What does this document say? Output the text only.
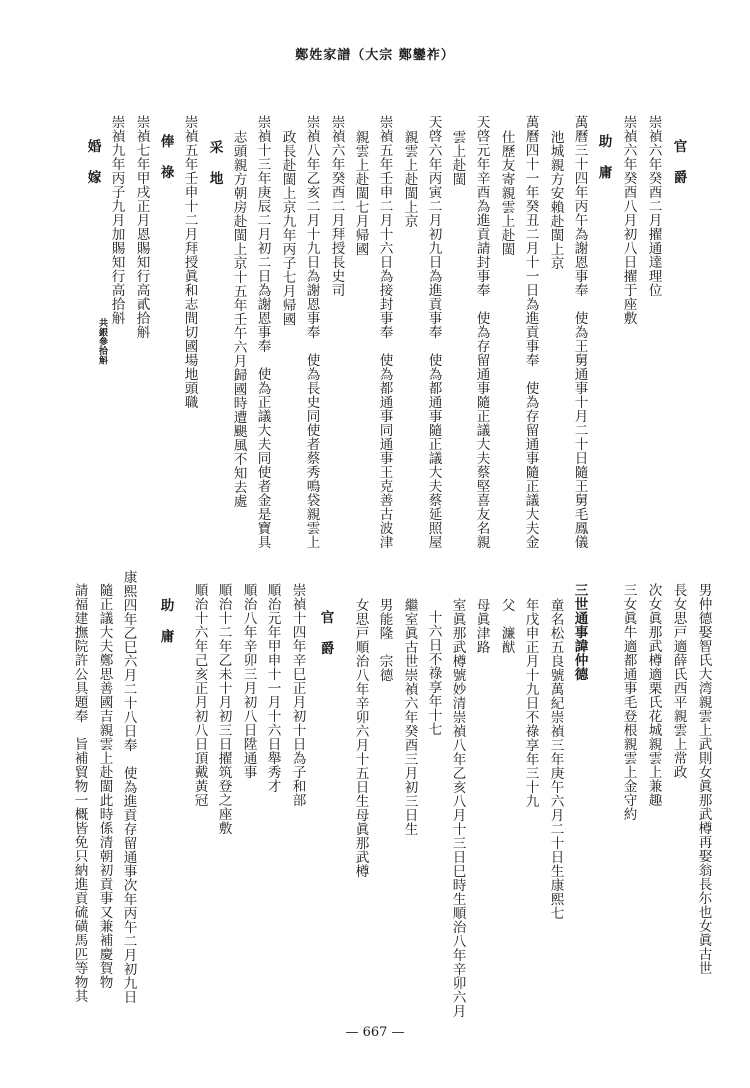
鄭姓家譜（大宗 鄭鑾祚）
官　爵
崇禎六年癸酉二月擢通達理位
崇禎六年癸酉八月初八日擢于座敷
助　庸
萬曆三十四年丙午為謝恩事奉　使為王舅通事十月二十日隨王舅毛鳳儀
池城親方安賴赴閩上京
萬曆四十一年癸丑二月十一日為進貢事奉　使為存留通事隨正議大夫金
仕歷友寄親雲上赴閩
天啓元年辛酉為進貢請封事奉　使為存留通事隨正議大夫蔡堅喜友名親
雲上赴閩
天啓六年丙寅二月初九日為進貢事奉　使為都通事隨正議大夫蔡延照屋
親雲上赴閩上京
崇禎五年壬申二月十六日為接封事奉　使為都通事同通事王克善古波津
親雲上赴閩七月帰國
崇禎六年癸酉二月拜授長史司
崇禎八年乙亥二月十九日為謝恩事奉　使為長史同使者蔡秀鳴袋親雲上
政長赴閩上京九年丙子七月帰國
崇禎十三年庚辰二月初二日為謝恩事奉　使為正議大夫同使者金是寶具
志頭親方朝房赴閩上京十五年壬午六月歸國時遭颶風不知去處
采　地
崇禎五年壬申十二月拜授眞和志間切國場地頭職
俸　祿
崇禎七年甲戌正月恩賜知行高貳拾斛
崇禎九年丙子九月加賜知行高拾斛
共銀參拾斛
婚　嫁
男仲德娶智氏大湾親雲上武則女眞那武樽再娶翁長尓也女眞古世
長女思戸適薛氏西平親雲上常政
次女眞那武樽適栗氏花城親雲上兼趣
三女眞牛適都通事毛登根親雲上金守約
三世通事諱仲德
童名松五良號萬紀崇禎三年庚午六月二十日生康熙七
年戊申正月十九日不祿享年三十九
父　濂猷
母眞津路
室眞那武樽號妙清崇禎八年乙亥八月十三日巳時生順治八年辛卯六月
十六日不祿享年十七
繼室眞古世崇禎六年癸酉三月初三日生
男能隆　宗德
女思戸順治八年辛卯六月十五日生母眞那武樽
官　爵
崇禎十四年辛巳正月初十日為子和部
順治元年甲申十一月十六日舉秀才
順治八年辛卯三月初八日陞通事
順治十二年乙未十月初三日擢筑登之座敷
順治十六年己亥正月初八日頂戴黃冠
助　庸
康熙四年乙巳六月二十八日奉　使為進貢存留通事次年丙午二月初九日
隨正議大夫鄭思善國吉親雲上赴閩此時係清朝初貢事又兼補慶賀物
請福建撫院許公具題奉　旨補貿物一概皆免只納進貢硫磺馬匹等物其
— 667 —
